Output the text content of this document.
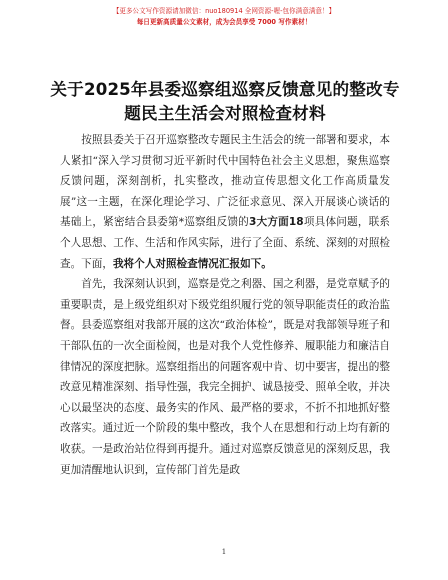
【更多公文写作资源请加微信：nuo180914 全网资源-喔-包你满意满意！】
每日更新高质量公文素材，成为会员享受 7000 写作素材！
关于2025年县委巡察组巡察反馈意见的整改专题民主生活会对照检查材料

按照县委关于召开巡察整改专题民主生活会的统一部署和要求，本人紧扣“深入学习贯彻习近平新时代中国特色社会主义思想，聚焦巡察反馈问题，深刻剖析，扎实整改，推动宣传思想文化工作高质量发展”这一主题，在深化理论学习、广泛征求意见、深入开展谈心谈话的基础上，紧密结合县委第*巡察组反馈的3大方面18项具体问题，联系个人思想、工作、生活和作风实际，进行了全面、系统、深刻的对照检查。下面，我将个人对照检查情况汇报如下。

首先，我深刻认识到，巡察是党之利器、国之利器，是党章赋予的重要职责，是上级党组织对下级党组织履行党的领导职能责任的政治监督。县委巡察组对我部开展的这次“政治体检”，既是对我部领导班子和干部队伍的一次全面检阅，也是对我个人党性修养、履职能力和廉洁自律情况的深度把脉。巡察组指出的问题客观中肯、切中要害，提出的整改意见精准深刻、指导性强，我完全拥护、诚恳接受、照单全收，并决心以最坚决的态度、最务实的作风、最严格的要求，不折不扣地抓好整改落实。通过近一个阶段的集中整改，我个人在思想和行动上均有新的收获。一是政治站位得到再提升。通过对巡察反馈意见的深刻反思，我更加清醒地认识到，宣传部门首先是政

1
